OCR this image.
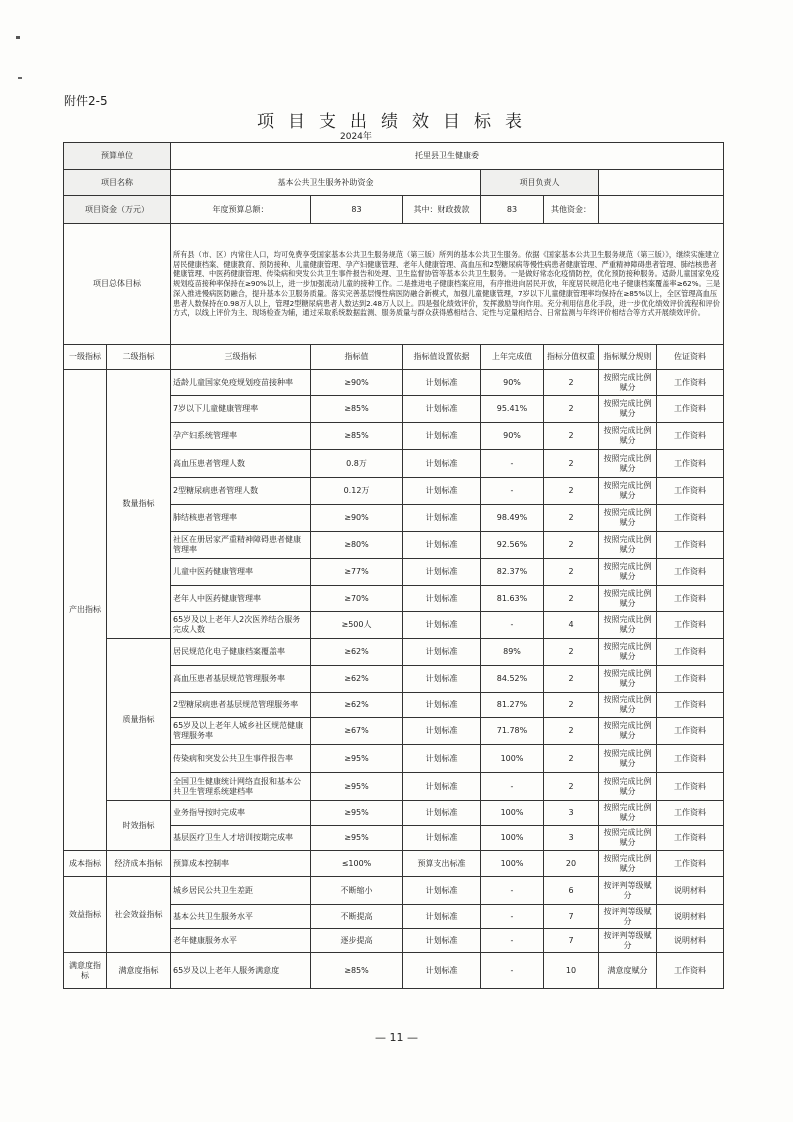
附件2-5
项目支出绩效目标表
2024年
预算单位		托里县卫生健康委						
项目名称		基本公共卫生服务补助资金			项目负责人			
项目资金（万元）		年度预算总额：	83	其中：财政拨款	83	其他资金：		
项目总体目标		所有县（市、区）内常住人口，均可免费享受国家基本公共卫生服务规范（第三版）所列的基本公共卫生服务。依据《国家基本公共卫生服务规范（第三版）》，继续实施建立居民健康档案、健康教育、预防接种、儿童健康管理、孕产妇健康管理、老年人健康管理、高血压和2型糖尿病等慢性病患者健康管理、严重精神障碍患者管理、肺结核患者健康管理、中医药健康管理、传染病和突发公共卫生事件报告和处理、卫生监督协管等基本公共卫生服务。一是做好常态化疫情防控，优化预防接种服务。适龄儿童国家免疫规划疫苗接种率保持在≥90%以上，进一步加强流动儿童的接种工作。二是推进电子健康档案应用，有序推进向居民开放，年度居民规范化电子健康档案覆盖率≥62%。三是深入推进慢病医防融合，提升基本公卫服务质量。落实完善基层慢性病医防融合新模式，加强儿童健康管理，7岁以下儿童健康管理率均保持在≥85%以上，全区管理高血压患者人数保持在0.98万人以上，管理2型糖尿病患者人数达到2.48万人以上。四是强化绩效评价，发挥激励导向作用。充分利用信息化手段，进一步优化绩效评价流程和评价方式，以线上评价为主、现场检查为辅，通过采取系统数据监测、服务质量与群众获得感相结合、定性与定量相结合、日常监测与年终评价相结合等方式开展绩效评价。						
一级指标	二级指标	三级指标	指标值	指标值设置依据	上年完成值	指标分值权重	指标赋分规则	佐证资料
产出指标	数量指标	适龄儿童国家免疫规划疫苗接种率	≥90%	计划标准	90%	2	按照完成比例赋分	工作资料
		7岁以下儿童健康管理率	≥85%	计划标准	95.41%	2	按照完成比例赋分	工作资料
		孕产妇系统管理率	≥85%	计划标准	90%	2	按照完成比例赋分	工作资料
		高血压患者管理人数	0.8万	计划标准	-	2	按照完成比例赋分	工作资料
		2型糖尿病患者管理人数	0.12万	计划标准	-	2	按照完成比例赋分	工作资料
		肺结核患者管理率	≥90%	计划标准	98.49%	2	按照完成比例赋分	工作资料
		社区在册居家严重精神障碍患者健康管理率	≥80%	计划标准	92.56%	2	按照完成比例赋分	工作资料
		儿童中医药健康管理率	≥77%	计划标准	82.37%	2	按照完成比例赋分	工作资料
		老年人中医药健康管理率	≥70%	计划标准	81.63%	2	按照完成比例赋分	工作资料
		65岁及以上老年人2次医养结合服务完成人数	≥500人	计划标准	-	4	按照完成比例赋分	工作资料
	质量指标	居民规范化电子健康档案覆盖率	≥62%	计划标准	89%	2	按照完成比例赋分	工作资料
		高血压患者基层规范管理服务率	≥62%	计划标准	84.52%	2	按照完成比例赋分	工作资料
		2型糖尿病患者基层规范管理服务率	≥62%	计划标准	81.27%	2	按照完成比例赋分	工作资料
		65岁及以上老年人城乡社区规范健康管理服务率	≥67%	计划标准	71.78%	2	按照完成比例赋分	工作资料
		传染病和突发公共卫生事件报告率	≥95%	计划标准	100%	2	按照完成比例赋分	工作资料
		全国卫生健康统计网络直报和基本公共卫生管理系统建档率	≥95%	计划标准	-	2	按照完成比例赋分	工作资料
	时效指标	业务指导按时完成率	≥95%	计划标准	100%	3	按照完成比例赋分	工作资料
		基层医疗卫生人才培训按期完成率	≥95%	计划标准	100%	3	按照完成比例赋分	工作资料
成本指标	经济成本指标	预算成本控制率	≤100%	预算支出标准	100%	20	按照完成比例赋分	工作资料
效益指标	社会效益指标	城乡居民公共卫生差距	不断缩小	计划标准	-	6	按评判等级赋分	说明材料
		基本公共卫生服务水平	不断提高	计划标准	-	7	按评判等级赋分	说明材料
		老年健康服务水平	逐步提高	计划标准	-	7	按评判等级赋分	说明材料
满意度指标	满意度指标	65岁及以上老年人服务满意度	≥85%	计划标准	-	10	满意度赋分	工作资料
— 11 —
